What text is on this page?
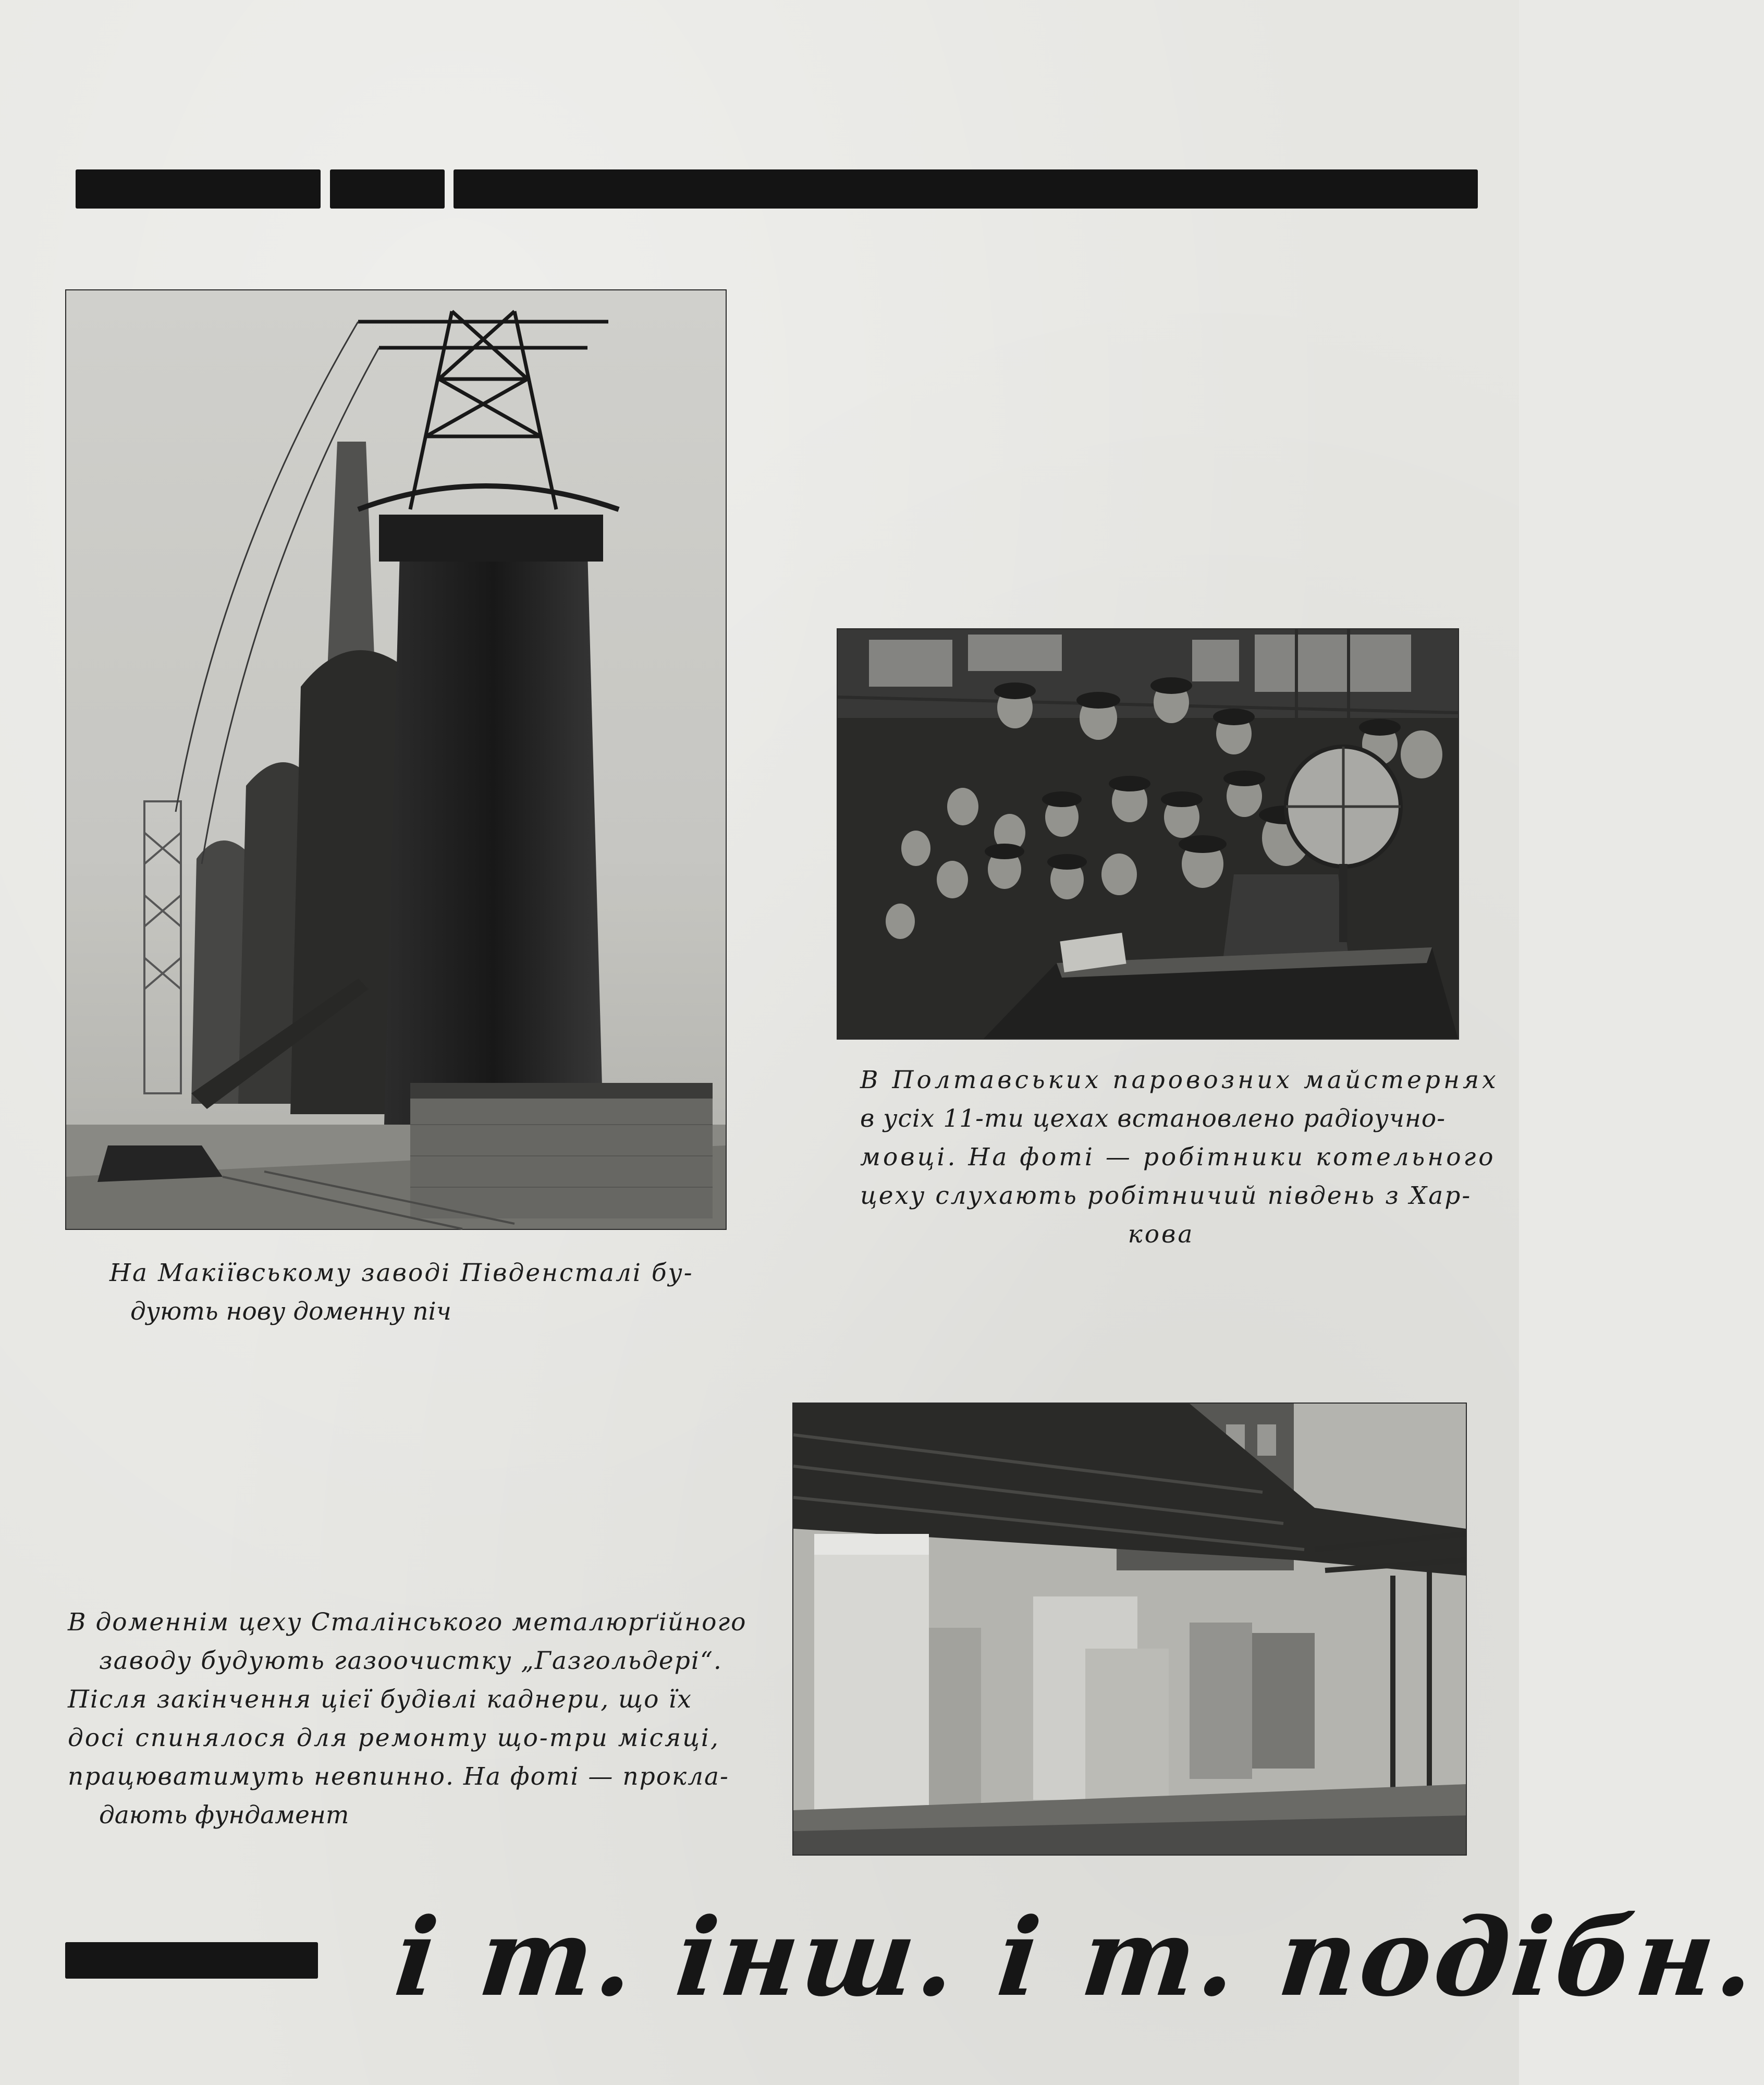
На Макіївському заводі Південсталі бу-
дують нову доменну піч
В Полтавських паровозних майстернях
в усіх 11-ти цехах встановлено радіоучно-
мовці. На фоті — робітники котельного
цеху слухають робітничий південь з Хар-
кова
В доменнім цеху Сталінського металюрґійного
заводу будують газоочистку „Газгольдері“.
Після закінчення цієї будівлі каднери, що їх
досі спинялося для ремонту що-три місяці,
працюватимуть невпинно. На фоті — прокла-
дають фундамент
і т. інш. і т. подібн.
